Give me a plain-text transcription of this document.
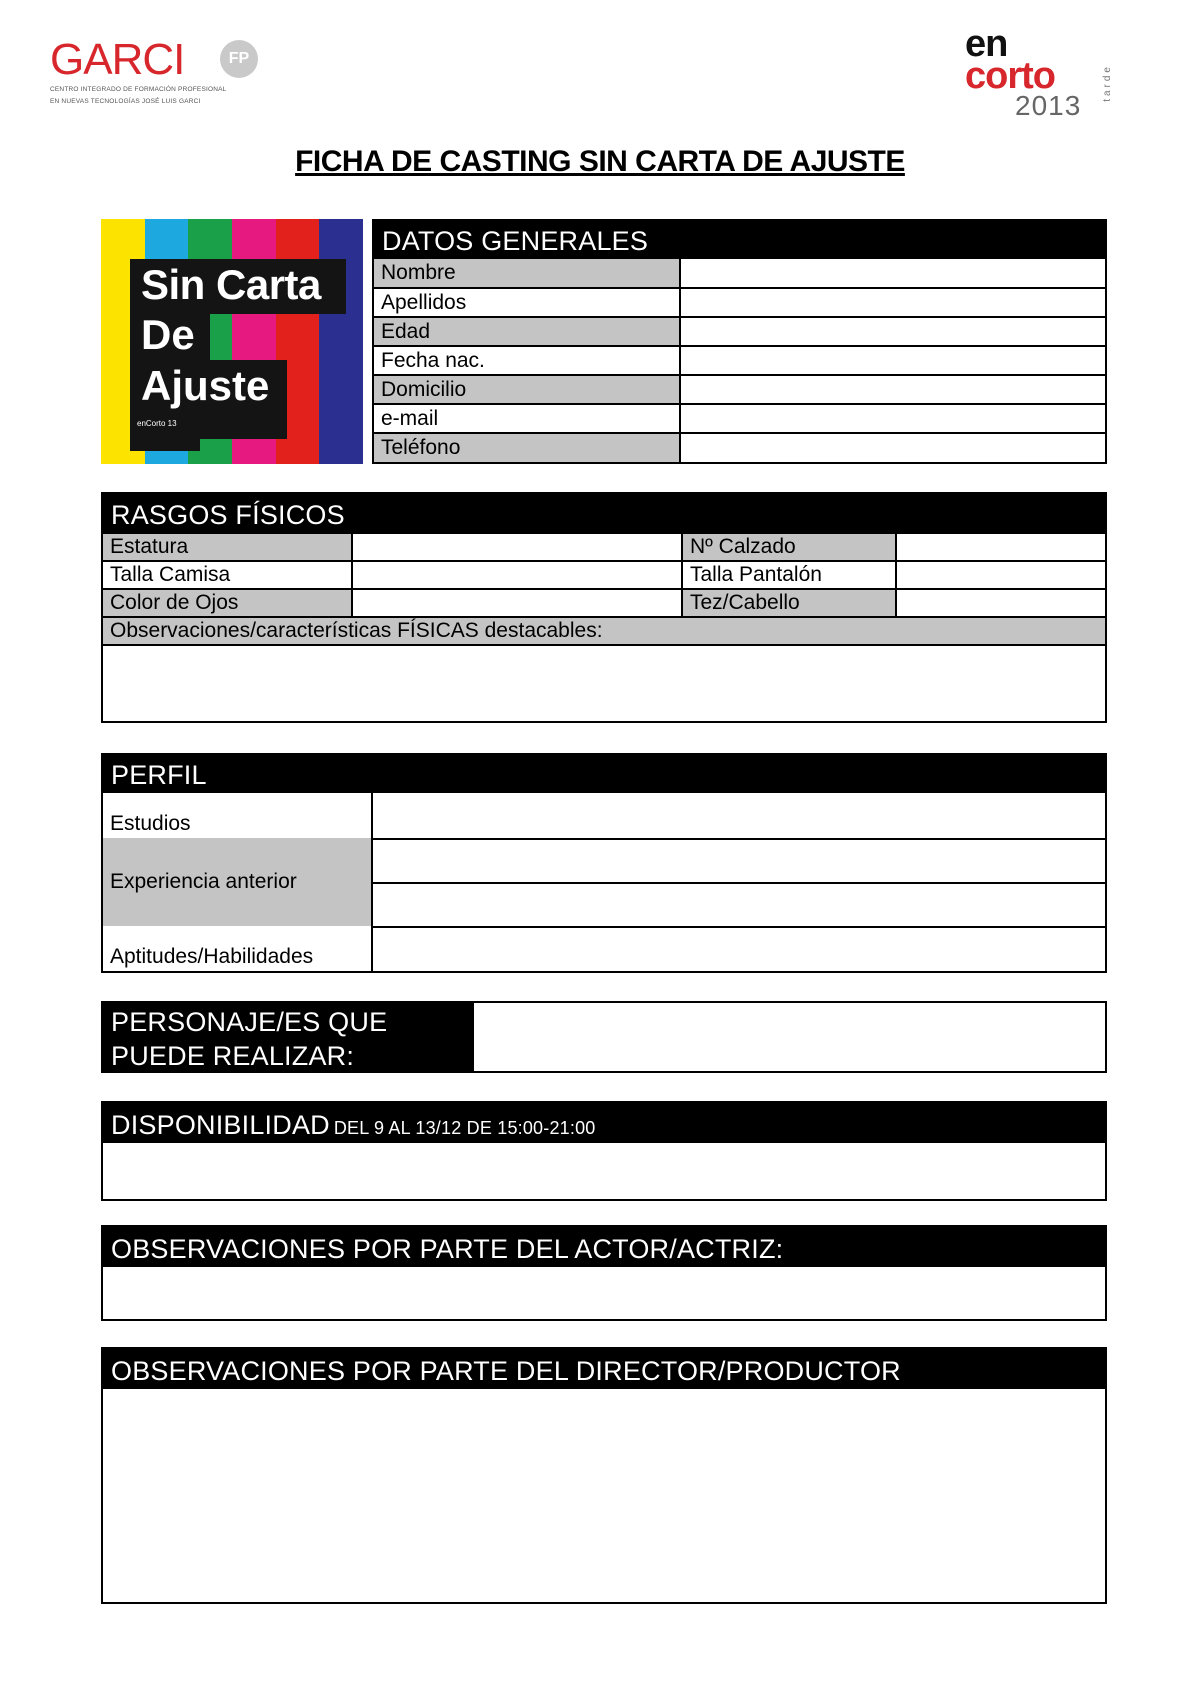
GARCI	FP
CENTRO INTEGRADO DE FORMACIÓN PROFESIONAL
EN NUEVAS TECNOLOGÍAS JOSÉ LUIS GARCI
en
corto
2013
tarde
FICHA DE CASTING SIN CARTA DE AJUSTE
Sin Carta
De
Ajuste
enCorto 13
DATOS GENERALES
Nombre
Apellidos
Edad
Fecha nac.
Domicilio
e-mail
Teléfono
RASGOS FÍSICOS
Estatura	Nº Calzado
Talla Camisa	Talla Pantalón
Color de Ojos	Tez/Cabello
Observaciones/características FÍSICAS destacables:
PERFIL
Estudios
Experiencia anterior
Aptitudes/Habilidades
PERSONAJE/ES QUE
PUEDE REALIZAR:
DISPONIBILIDAD DEL 9 AL 13/12 DE 15:00-21:00
OBSERVACIONES POR PARTE DEL ACTOR/ACTRIZ:
OBSERVACIONES POR PARTE DEL DIRECTOR/PRODUCTOR
